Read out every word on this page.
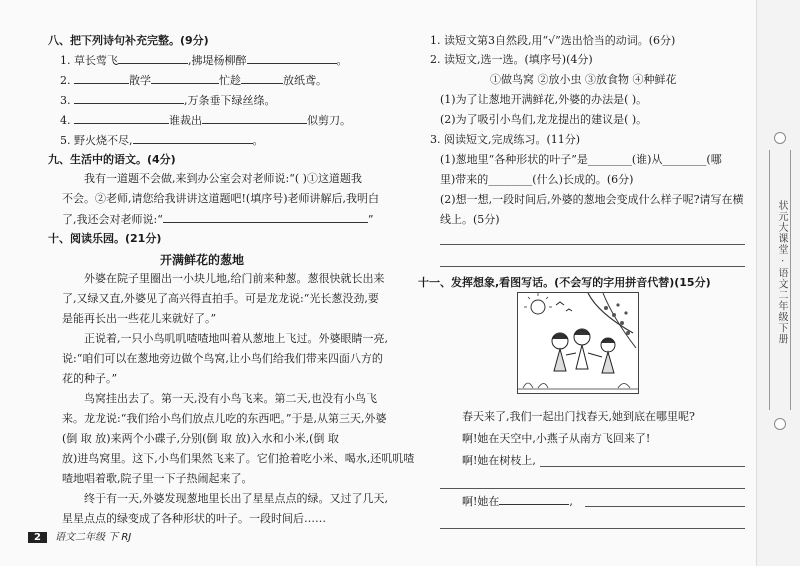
八、把下列诗句补充完整。(9分)
1. 草长莺飞	,拂堤杨柳醉	。
2.	散学	忙趁	放纸鸢。
3.	,万条垂下绿丝绦。
4.	谁裁出	似剪刀。
5. 野火烧不尽,	。
九、生活中的语文。(4分)
我有一道题不会做,来到办公室会对老师说:“( )①这道题我
不会。②老师,请您给我讲讲这道题吧!(填序号)老师讲解后,我明白
了,我还会对老师说:“	”
十、阅读乐园。(21分)
开满鲜花的葱地
外婆在院子里圈出一小块儿地,给门前来种葱。葱很快就长出来
了,又绿又直,外婆见了高兴得直拍手。可是龙龙说:“光长葱没劲,要
是能再长出一些花儿来就好了。”
正说着,一只小鸟叽叽喳喳地叫着从葱地上飞过。外婆眼睛一亮,
说:“咱们可以在葱地旁边做个鸟窝,让小鸟们给我们带来四面八方的
花的种子。”
鸟窝挂出去了。第一天,没有小鸟飞来。第二天,也没有小鸟飞
来。龙龙说:“我们给小鸟们放点儿吃的东西吧。”于是,从第三天,外婆
(倒 取 放)来两个小碟子,分别(倒 取 放)入水和小米,(倒 取
放)进鸟窝里。这下,小鸟们果然飞来了。它们抢着吃小米、喝水,还叽叽喳
喳地唱着歌,院子里一下子热闹起来了。
终于有一天,外婆发现葱地里长出了星星点点的绿。又过了几天,
星星点点的绿变成了各种形状的叶子。一段时间后……
2 语文二年级 下 RJ
1. 读短文第3自然段,用“√”选出恰当的动词。(6分)
2. 读短文,选一选。(填序号)(4分)
①做鸟窝 ②放小虫 ③放食物 ④种鲜花
(1)为了让葱地开满鲜花,外婆的办法是( )。
(2)为了吸引小鸟们,龙龙提出的建议是( )。
3. 阅读短文,完成练习。(11分)
(1)葱地里“各种形状的叶子”是________(谁)从________(哪
里)带来的________(什么)长成的。(6分)
(2)想一想,一段时间后,外婆的葱地会变成什么样子呢?请写在横
线上。(5分)
十一、发挥想象,看图写话。(不会写的字用拼音代替)(15分)
春天来了,我们一起出门找春天,她到底在哪里呢?
啊!她在天空中,小燕子从南方飞回来了!
啊!她在树枝上,
啊!她在	,
状元大课堂 · 语文二年级下册
